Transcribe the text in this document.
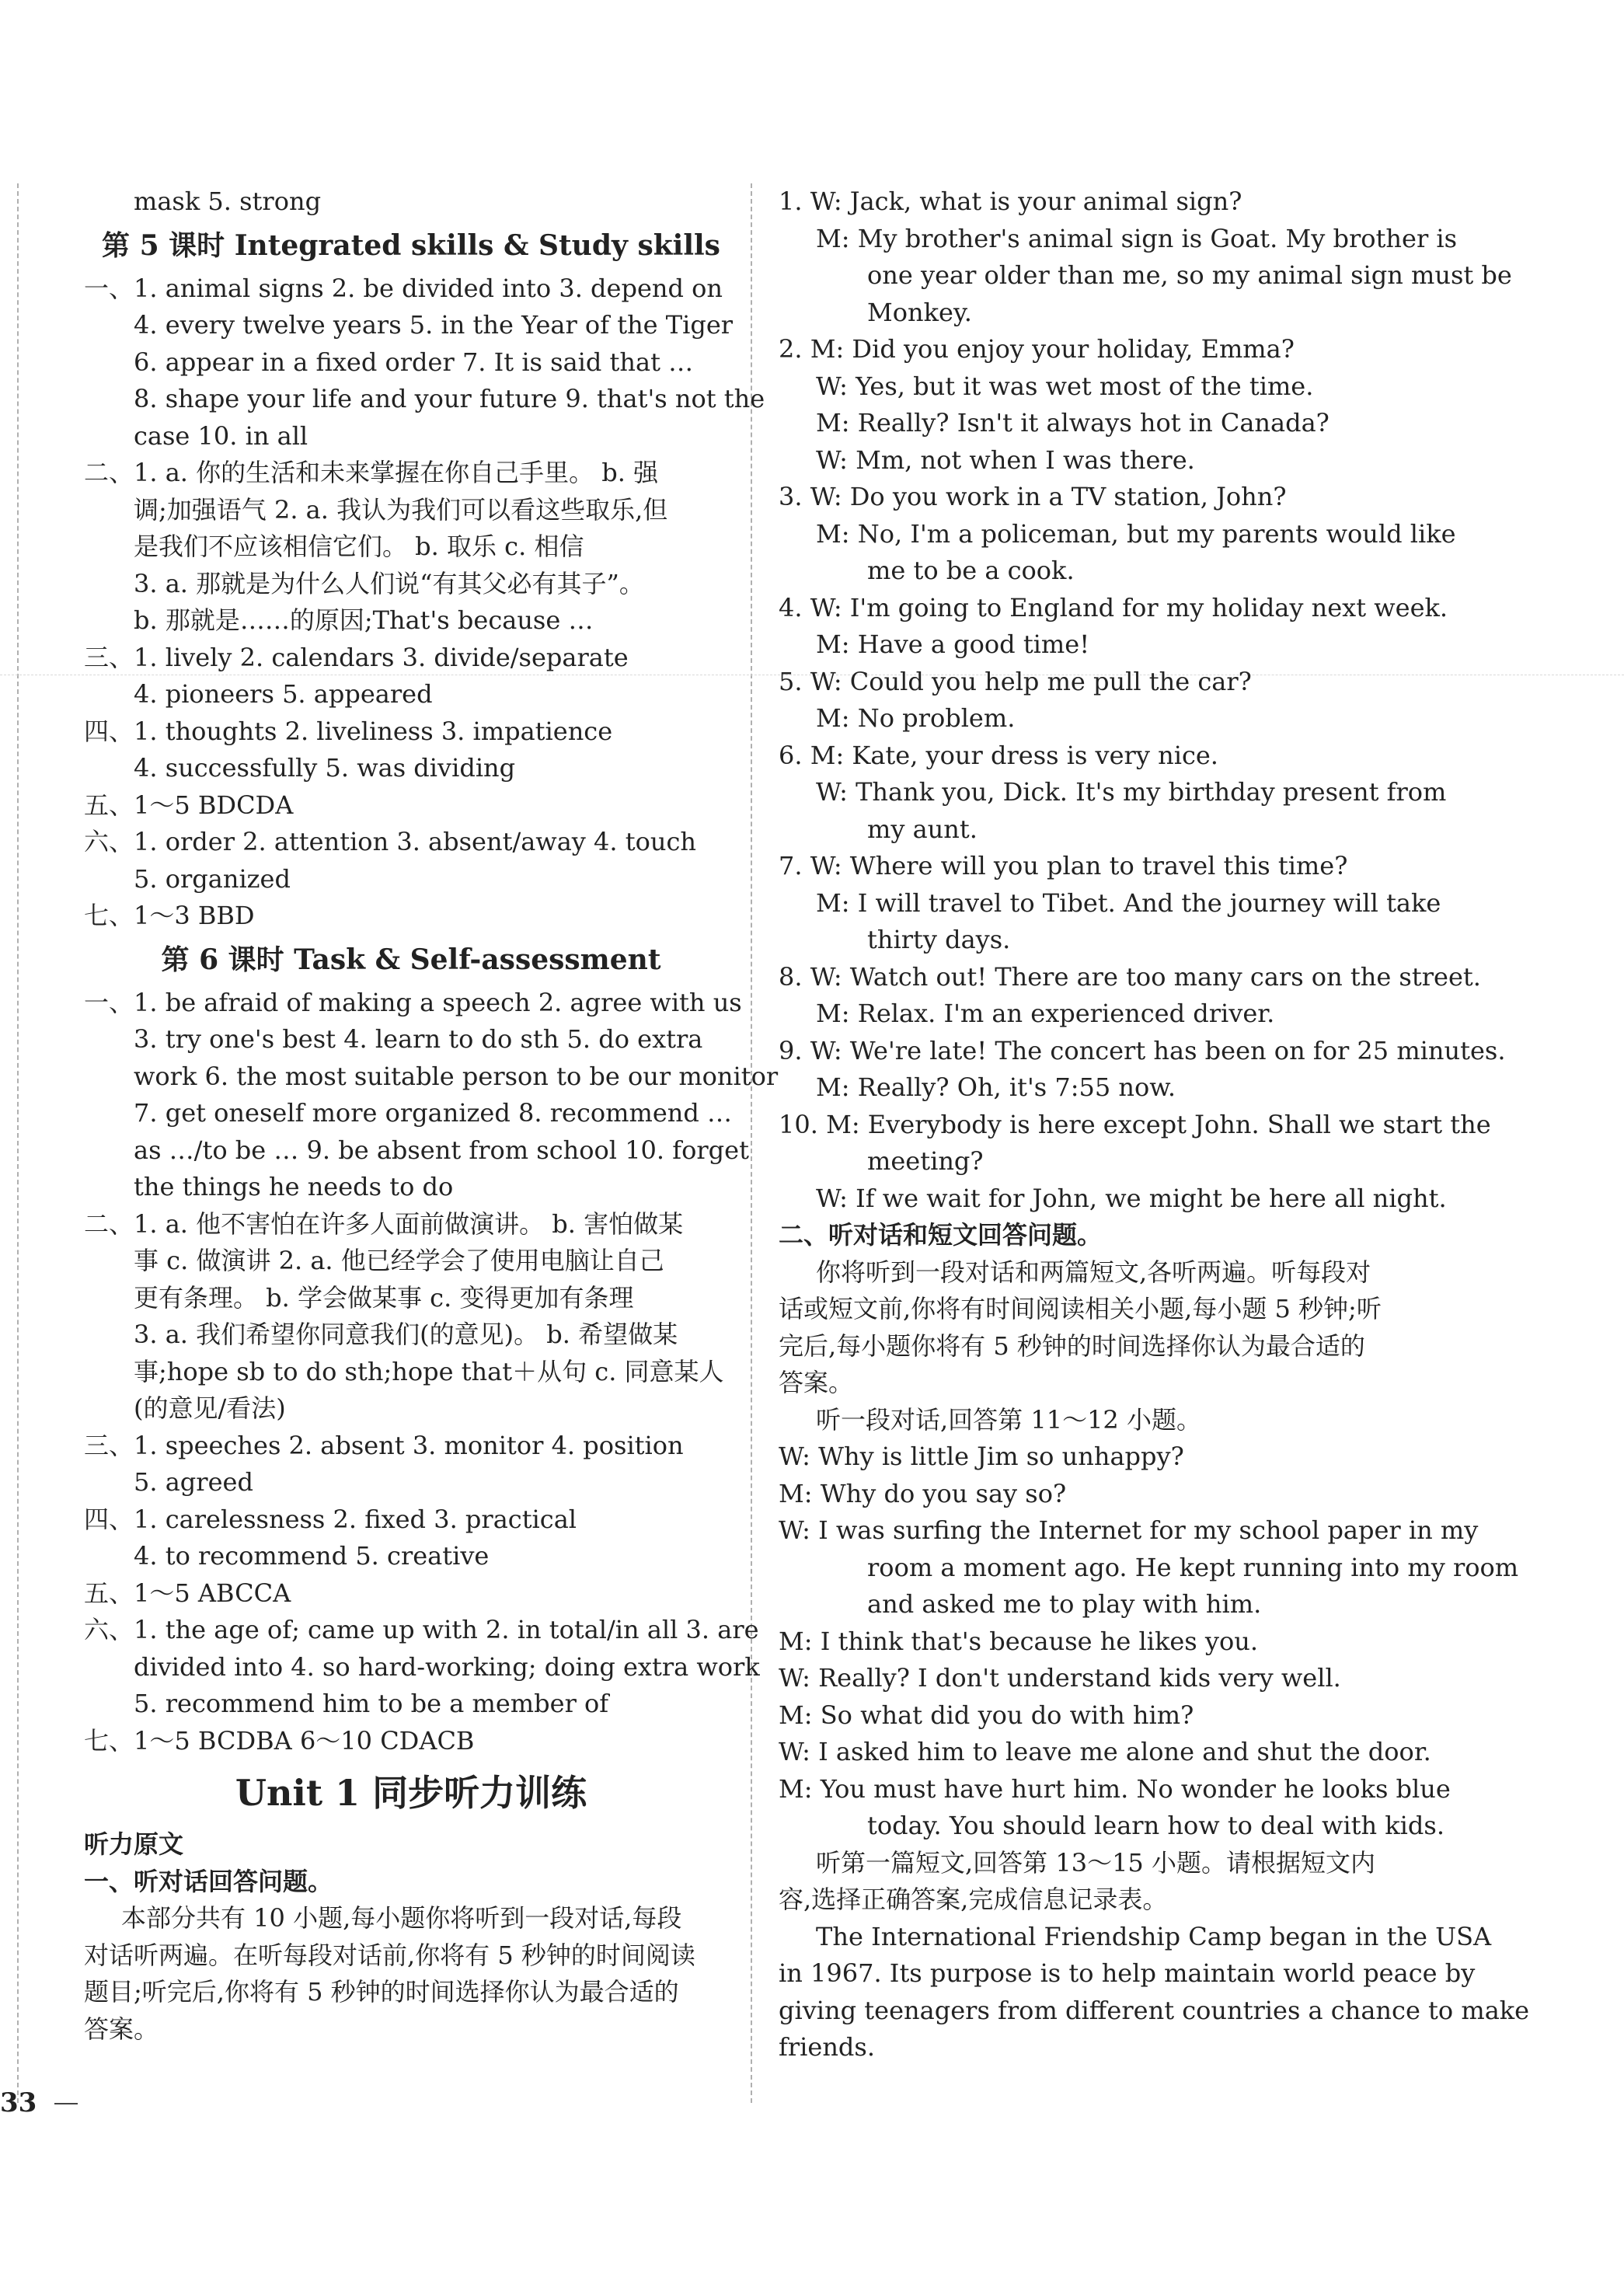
mask 5. strong
第 5 课时 Integrated skills & Study skills
一、1. animal signs 2. be divided into 3. depend on
4. every twelve years 5. in the Year of the Tiger
6. appear in a fixed order 7. It is said that …
8. shape your life and your future 9. that's not the
case 10. in all
二、1. a. 你的生活和未来掌握在你自己手里。 b. 强
调;加强语气 2. a. 我认为我们可以看这些取乐,但
是我们不应该相信它们。 b. 取乐 c. 相信
3. a. 那就是为什么人们说“有其父必有其子”。
b. 那就是……的原因;That's because …
三、1. lively 2. calendars 3. divide/separate
4. pioneers 5. appeared
四、1. thoughts 2. liveliness 3. impatience
4. successfully 5. was dividing
五、1～5 BDCDA
六、1. order 2. attention 3. absent/away 4. touch
5. organized
七、1～3 BBD
第 6 课时 Task & Self-assessment
一、1. be afraid of making a speech 2. agree with us
3. try one's best 4. learn to do sth 5. do extra
work 6. the most suitable person to be our monitor
7. get oneself more organized 8. recommend …
as …/to be … 9. be absent from school 10. forget
the things he needs to do
二、1. a. 他不害怕在许多人面前做演讲。 b. 害怕做某
事 c. 做演讲 2. a. 他已经学会了使用电脑让自己
更有条理。 b. 学会做某事 c. 变得更加有条理
3. a. 我们希望你同意我们(的意见)。 b. 希望做某
事;hope sb to do sth;hope that＋从句 c. 同意某人
(的意见/看法)
三、1. speeches 2. absent 3. monitor 4. position
5. agreed
四、1. carelessness 2. fixed 3. practical
4. to recommend 5. creative
五、1～5 ABCCA
六、1. the age of; came up with 2. in total/in all 3. are
divided into 4. so hard-working; doing extra work
5. recommend him to be a member of
七、1～5 BCDBA 6～10 CDACB
Unit 1 同步听力训练
听力原文
一、听对话回答问题。
本部分共有 10 小题,每小题你将听到一段对话,每段
对话听两遍。在听每段对话前,你将有 5 秒钟的时间阅读
题目;听完后,你将有 5 秒钟的时间选择你认为最合适的
答案。
1. W: Jack, what is your animal sign?
M: My brother's animal sign is Goat. My brother is
one year older than me, so my animal sign must be
Monkey.
2. M: Did you enjoy your holiday, Emma?
W: Yes, but it was wet most of the time.
M: Really? Isn't it always hot in Canada?
W: Mm, not when I was there.
3. W: Do you work in a TV station, John?
M: No, I'm a policeman, but my parents would like
me to be a cook.
4. W: I'm going to England for my holiday next week.
M: Have a good time!
5. W: Could you help me pull the car?
M: No problem.
6. M: Kate, your dress is very nice.
W: Thank you, Dick. It's my birthday present from
my aunt.
7. W: Where will you plan to travel this time?
M: I will travel to Tibet. And the journey will take
thirty days.
8. W: Watch out! There are too many cars on the street.
M: Relax. I'm an experienced driver.
9. W: We're late! The concert has been on for 25 minutes.
M: Really? Oh, it's 7:55 now.
10. M: Everybody is here except John. Shall we start the
meeting?
W: If we wait for John, we might be here all night.
二、听对话和短文回答问题。
你将听到一段对话和两篇短文,各听两遍。听每段对
话或短文前,你将有时间阅读相关小题,每小题 5 秒钟;听
完后,每小题你将有 5 秒钟的时间选择你认为最合适的
答案。
听一段对话,回答第 11～12 小题。
W: Why is little Jim so unhappy?
M: Why do you say so?
W: I was surfing the Internet for my school paper in my
room a moment ago. He kept running into my room
and asked me to play with him.
M: I think that's because he likes you.
W: Really? I don't understand kids very well.
M: So what did you do with him?
W: I asked him to leave me alone and shut the door.
M: You must have hurt him. No wonder he looks blue
today. You should learn how to deal with kids.
听第一篇短文,回答第 13～15 小题。请根据短文内
容,选择正确答案,完成信息记录表。
The International Friendship Camp began in the USA
in 1967. Its purpose is to help maintain world peace by
giving teenagers from different countries a chance to make
friends.
33
